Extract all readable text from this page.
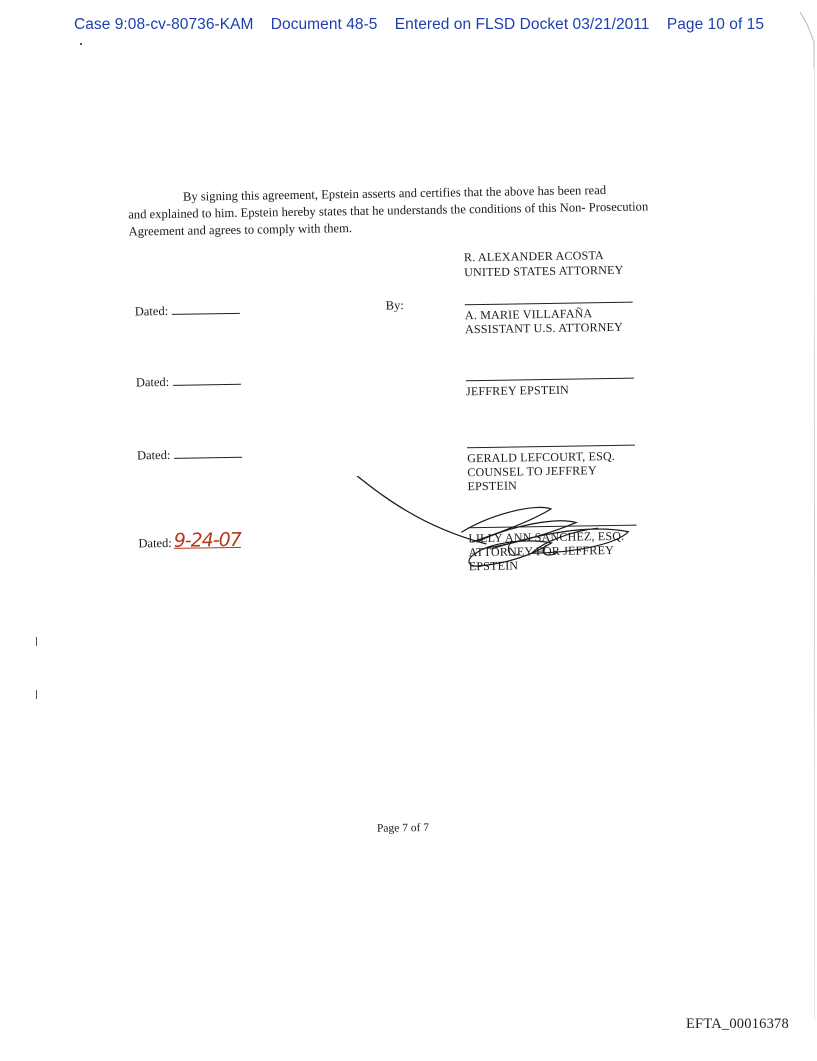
Case 9:08-cv-80736-KAM Document 48-5 Entered on FLSD Docket 03/21/2011 Page 10 of 15
By signing this agreement, Epstein asserts and certifies that the above has been read
and explained to him. Epstein hereby states that he understands the conditions of this Non- Prosecution Agreement and agrees to comply with them.
R. ALEXANDER ACOSTA
UNITED STATES ATTORNEY
Dated:	By:
A. MARIE VILLAFAÑA
ASSISTANT U.S. ATTORNEY
Dated:
JEFFREY EPSTEIN
Dated:	GERALD LEFCOURT, ESQ.
COUNSEL TO JEFFREY EPSTEIN
Dated:9-24-07	LILLY ANN SANCHEZ, ESQ.
ATTORNEY FOR JEFFREY EPSTEIN
Page 7 of 7
EFTA_00016378
